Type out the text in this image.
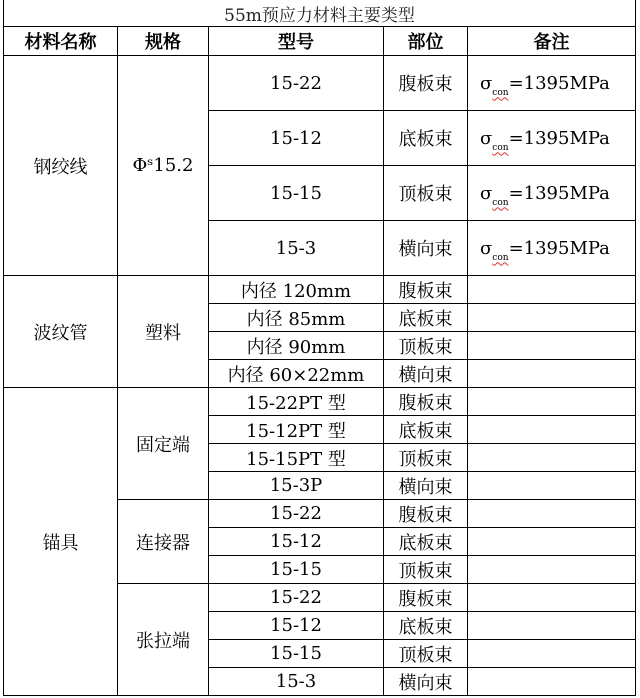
55m预应力材料主要类型				
材料名称	规格	型号	部位	备注
钢绞线	Φˢ15.2	15-22	腹板束	$\sigma_{con}=1395MPa$
		15-12	底板束	$\sigma_{con}=1395MPa$
		15-15	顶板束	$\sigma_{con}=1395MPa$
		15-3	横向束	$\sigma_{con}=1395MPa$
波纹管	塑料	内径 120mm	腹板束	
		内径 85mm	底板束	
		内径 90mm	顶板束	
		内径 60×22mm	横向束	
锚具	固定端	15-22PT 型	腹板束	
		15-12PT 型	底板束	
		15-15PT 型	顶板束	
		15-3P	横向束	
	连接器	15-22	腹板束	
		15-12	底板束	
		15-15	顶板束	
	张拉端	15-22	腹板束	
		15-12	底板束	
		15-15	顶板束	
		15-3	横向束	
